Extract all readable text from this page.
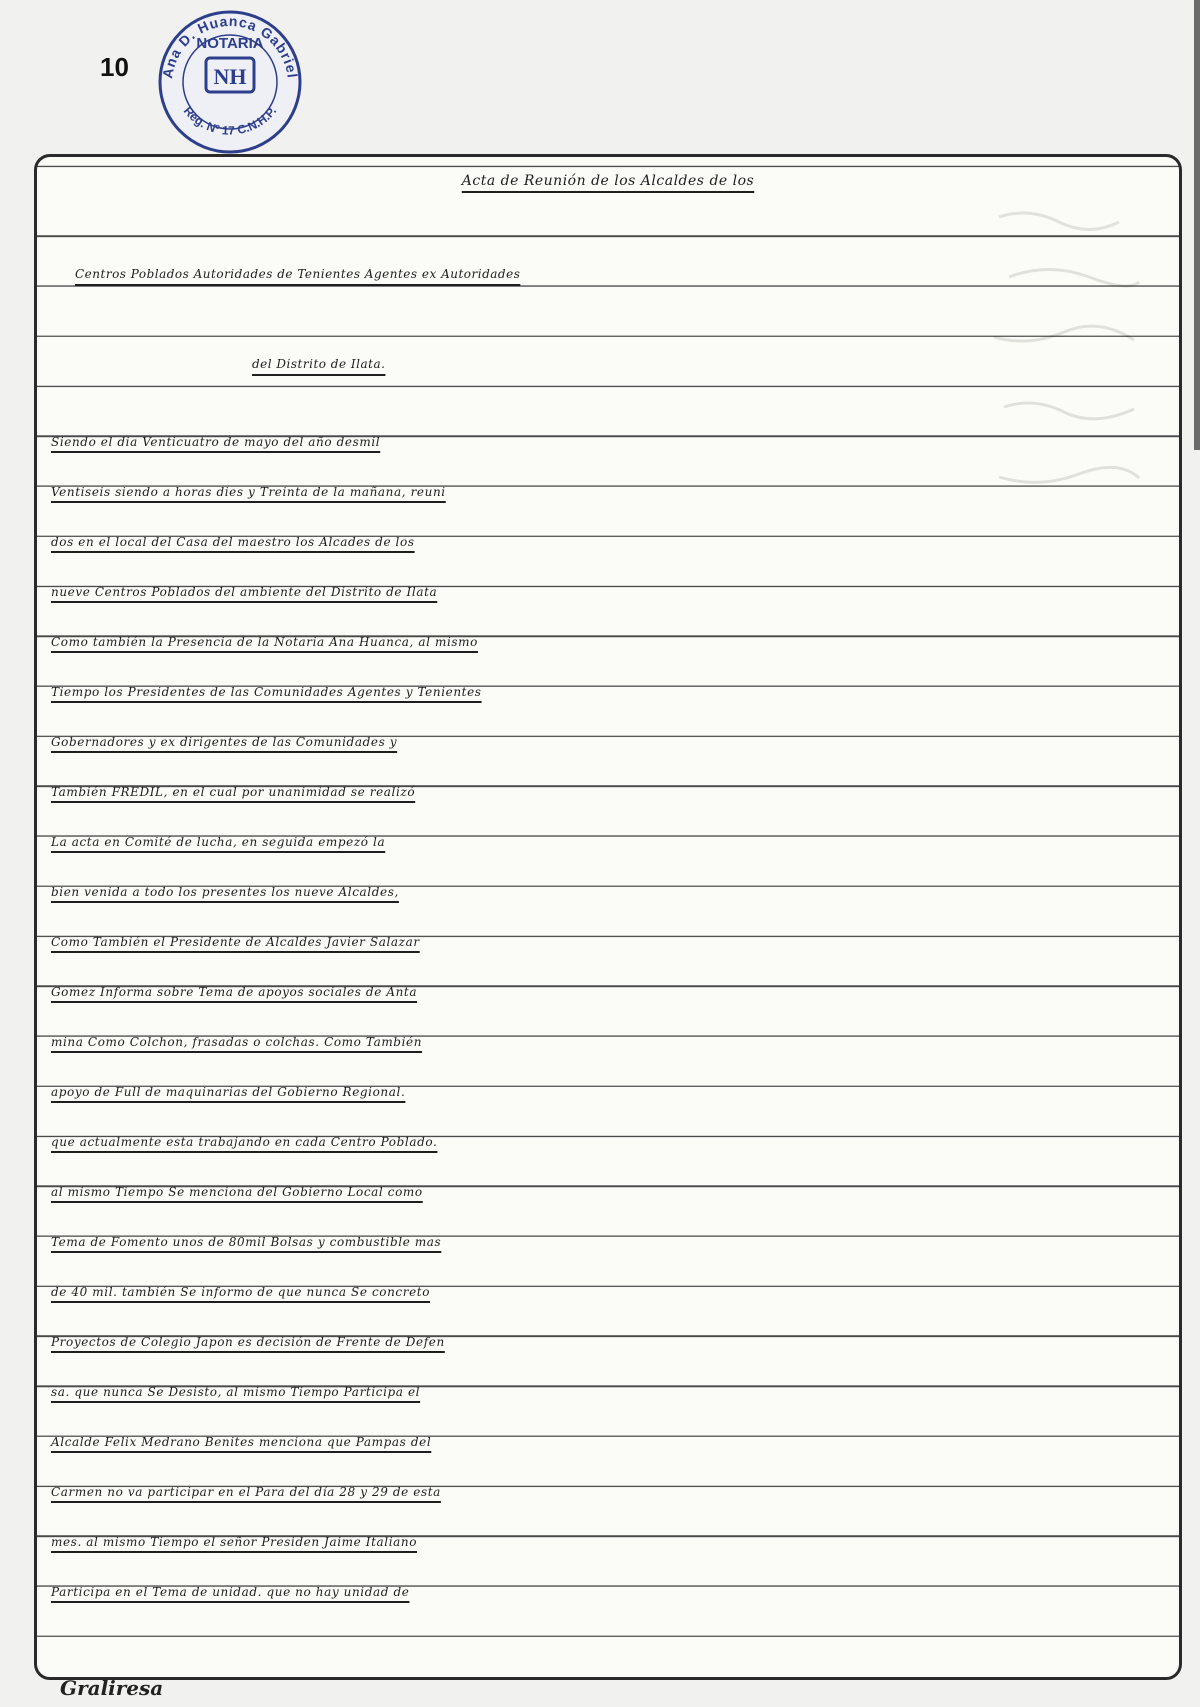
10 Ana D. Huanca Gabriel
NOTARIA
NH
Reg. Nº 17 C.N.H.P.
Acta de Reunión de los Alcaldes de los
Centros Poblados Autoridades de Tenientes Agentes ex Autoridades
del Distrito de Ilata.
Siendo el dia Venticuatro de mayo del año desmil
Ventiseis siendo a horas dies y Treinta de la mañana, reuni
dos en el local del Casa del maestro los Alcades de los
nueve Centros Poblados del ambiente del Distrito de Ilata
Como también la Presencia de la Notaria Ana Huanca, al mismo
Tiempo los Presidentes de las Comunidades Agentes y Tenientes
Gobernadores y ex dirigentes de las Comunidades y
También FREDIL, en el cual por unanimidad se realizó
La acta en Comité de lucha, en seguida empezó la
bien venida a todo los presentes los nueve Alcaldes,
Como También el Presidente de Alcaldes Javier Salazar
Gomez Informa sobre Tema de apoyos sociales de Anta
mina Como Colchon, frasadas o colchas. Como También
apoyo de Full de maquinarias del Gobierno Regional.
que actualmente esta trabajando en cada Centro Poblado.
al mismo Tiempo Se menciona del Gobierno Local como
Tema de Fomento unos de 80mil Bolsas y combustible mas
de 40 mil. también Se informo de que nunca Se concreto
Proyectos de Colegio Japon es decisión de Frente de Defen
sa. que nunca Se Desisto, al mismo Tiempo Participa el
Alcalde Felix Medrano Benites menciona que Pampas del
Carmen no va participar en el Para del día 28 y 29 de esta
mes. al mismo Tiempo el señor Presiden Jaime Italiano
Participa en el Tema de unidad. que no hay unidad de
Graliresa
